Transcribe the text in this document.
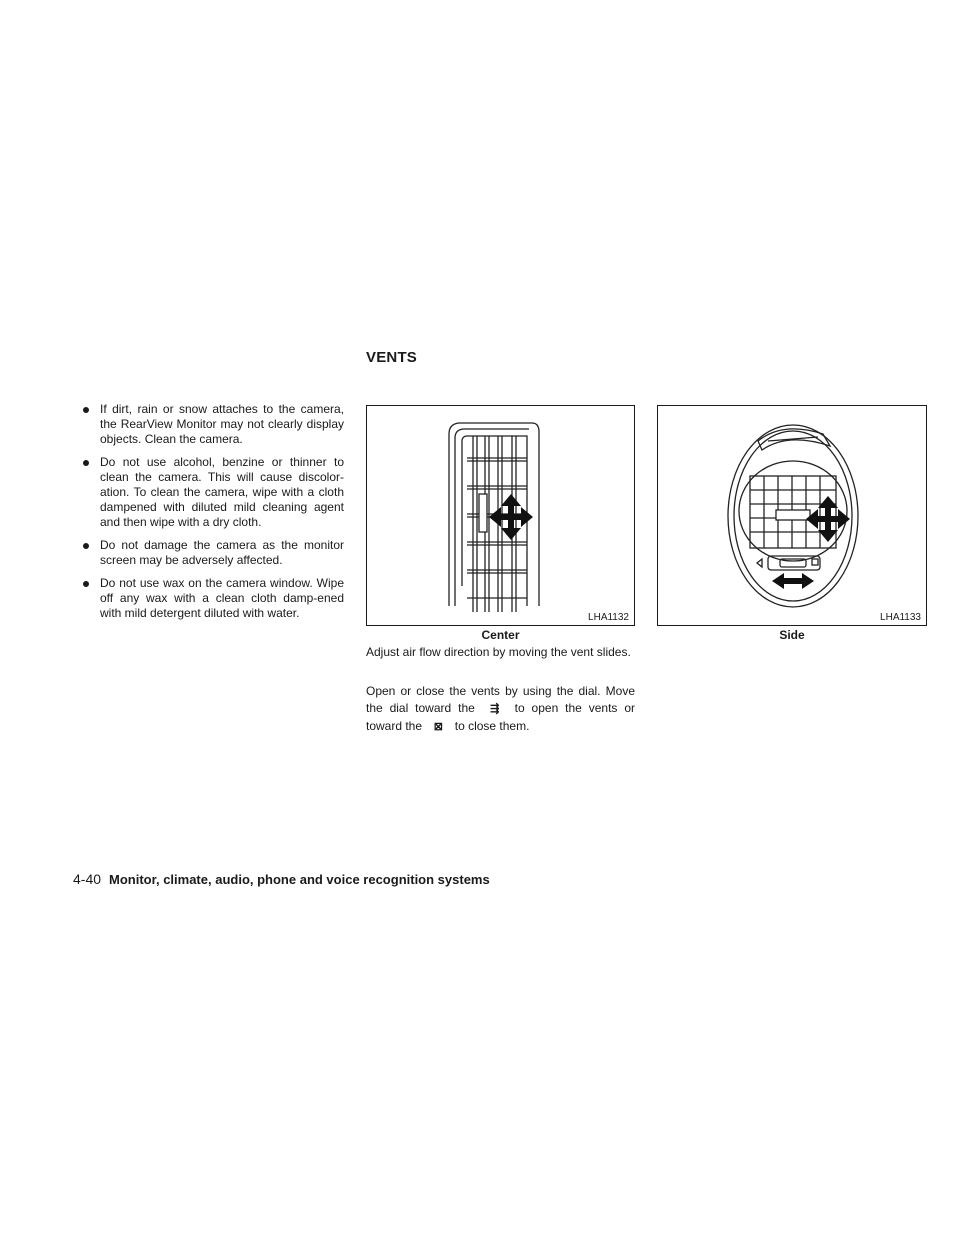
VENTS
If dirt, rain or snow attaches to the camera, the RearView Monitor may not clearly display objects. Clean the camera.
Do not use alcohol, benzine or thinner to clean the camera. This will cause discolor-ation. To clean the camera, wipe with a cloth dampened with diluted mild cleaning agent and then wipe with a dry cloth.
Do not damage the camera as the monitor screen may be adversely affected.
Do not use wax on the camera window. Wipe off any wax with a clean cloth damp-ened with mild detergent diluted with water.	LHA1132	LHA1133
Center	Side

Adjust air flow direction by moving the vent slides.

Open or close the vents by using the dial. Move the dial toward the ⇶ to open the vents or toward the ⊠ to close them.

4-40 Monitor, climate, audio, phone and voice recognition systems
